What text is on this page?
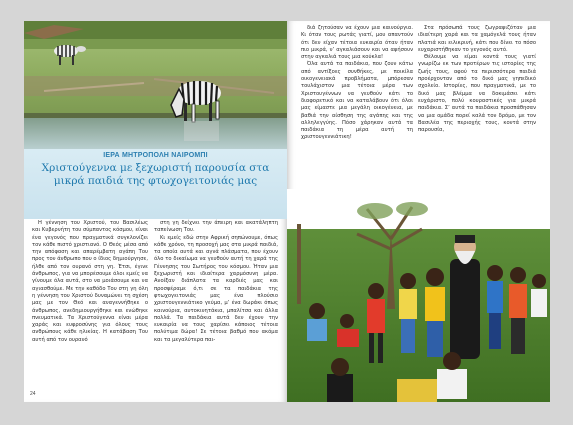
ΙΕΡΑ ΜΗΤΡΟΠΟΛΗ ΝΑΙΡΟΜΠΙ
Χριστούγεννα με ξεχωριστή παρουσία στα μικρά παιδιά της φτωχογειτονιάς μας

Η γέννηση του Χριστού, του Βασιλέως και Κυβερνήτη του σύμπαντος κόσμου, είναι ένα γεγονός που πραγματικά συγκλονίζει τον κάθε πιστό χριστιανό. Ο Θεός μέσα από την απόφαση και απαρέμβατη αγάπη Του προς τον άνθρωπο που ο ίδιος δημιούργησε, ήλθε από τον ουρανό στη γη. Έτσι, έγινε άνθρωπος, για να μπορέσουμε όλοι εμείς να γίνουμε όλα αυτά, στο να μοιάσουμε και να αγιασθούμε. Με την καθόδο Του στη γη όλη η γέννηση του Χριστού δυναμώνει τη σχέση μας με τον Θεό και αναγεννήθηκε ο άνθρωπος, ανεδημιουργήθηκε και ενώθηκε πνευματικά. Τα Χριστούγεννα είναι μέρα χαράς και ευφροσύνης για όλους τους ανθρώπους κάθε ηλικίας. Η κατάβαση Του αυτή από τον ουρανό

στη γη δείχνει την άπειρη και ακατάληπτη ταπείνωση Του.

Κι εμείς εδώ στην Αφρική σηπώνουμε, όπως κάθε χρόνο, τη προσοχή μας στα μικρά παιδιά, τα οποία αυτά και αγνά πλάσματα, που έχουν όλο το δικαίωμα να γευθούν αυτή τη χαρά της Γέννησης του Σωτήρος του κόσμου. Ήταν μια ξεχωριστή και ιδιαίτερα χαρμόσυνη μέρα. Ανοίξαν διάπλατα τα καρδιές μας και προσφέραμε ό,τι σε τα παιδάκια της φτωχογειτονιάς μας ένα πλούσιο χριστουγεννιάτικο γεύμα, μ’ ένα δωράκι όπως καινούρια, αυτοκινητάκια, μπαλίτσα και άλλα πολλά. Τα παιδάκια αυτά δεν έχουν την ευκαιρία να τους χαρίσει κάποιος τέτοια πολύτιμα δώρα! Σε τέτοια βαθμό που ακόμα και τα μεγαλύτερα παι-

24

διά ζητούσαν να έχουν μια καινούργια. Κι όταν τους ρωτάς γιατί, μου απαντούν ότι δεν είχαν τέτοια ευκαιρία όταν ήταν πιο μικρά, ν’ αγκαλιάσουν και να αφήσουν στην αγκαλιά τους μια κούκλα!

Όλα αυτά τα παιδάκια, που ζουν κάτω από αντίξοες συνθήκες, με ποικίλα οικογενειακά προβλήματα, μπόρεσαν τουλάχιστον μια τέτοια μέρα των Χριστουγέννων να γευθούν κάτι το διαφορετικό και να καταλάβουν ότι όλοι μας είμαστε μια μεγάλη οικογένεια, με βαθιά την αίσθηση της αγάπης και της αλληλεγγύης. Πόσο χάρηκαν αυτά τα παιδάκια τη μέρα αυτή τη χριστουγεννιάτικη!

Στα πρόσωπά τους ζωγραφιζόταν μια ιδιαίτερη χαρά και τα χαμόγελά τους ήταν πλατιά και ειλικρινή, κάτι που δίνει το πόσο ευχαριστήθηκαν το γεγονός αυτό.

Θέλουμε να είμαι κοντά τους γιατί γνωρίζω εκ των προτέρων τις ιστορίες της ζωής τους, αφού τα περισσότερα παιδιά προέρχονταν από το δικό μας γηπεδικό σχολείο. Ιστορίες, που πραγματικά, με το δικό μας βλέμμα να δοκιμάσει κάτι ευχάριστο, πολύ κουραστικές για μικρά παιδάκια. Σ’ αυτά τα παιδάκια προσπάθησαν να μια ομάδα πορεί καλά τον δρόμο, με τον Βασιλέα της περιοχής τους, κοντά στην παρουσία,
